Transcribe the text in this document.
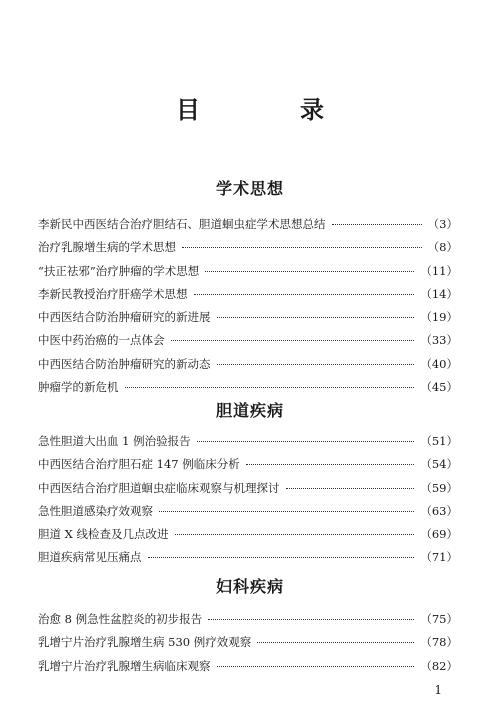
目　录
学术思想
李新民中西医结合治疗胆结石、胆道蛔虫症学术思想总结	（3）
治疗乳腺增生病的学术思想	（8）
“扶正祛邪”治疗肿瘤的学术思想	（11）
李新民教授治疗肝癌学术思想	（14）
中西医结合防治肿瘤研究的新进展	（19）
中医中药治癌的一点体会	（33）
中西医结合防治肿瘤研究的新动态	（40）
肿瘤学的新危机	（45）
胆道疾病
急性胆道大出血 1 例治验报告	（51）
中西医结合治疗胆石症 147 例临床分析	（54）
中西医结合治疗胆道蛔虫症临床观察与机理探讨	（59）
急性胆道感染疗效观察	（63）
胆道 X 线检查及几点改进	（69）
胆道疾病常见压痛点	（71）
妇科疾病
治愈 8 例急性盆腔炎的初步报告	（75）
乳增宁片治疗乳腺增生病 530 例疗效观察	（78）
乳增宁片治疗乳腺增生病临床观察	（82）
1
